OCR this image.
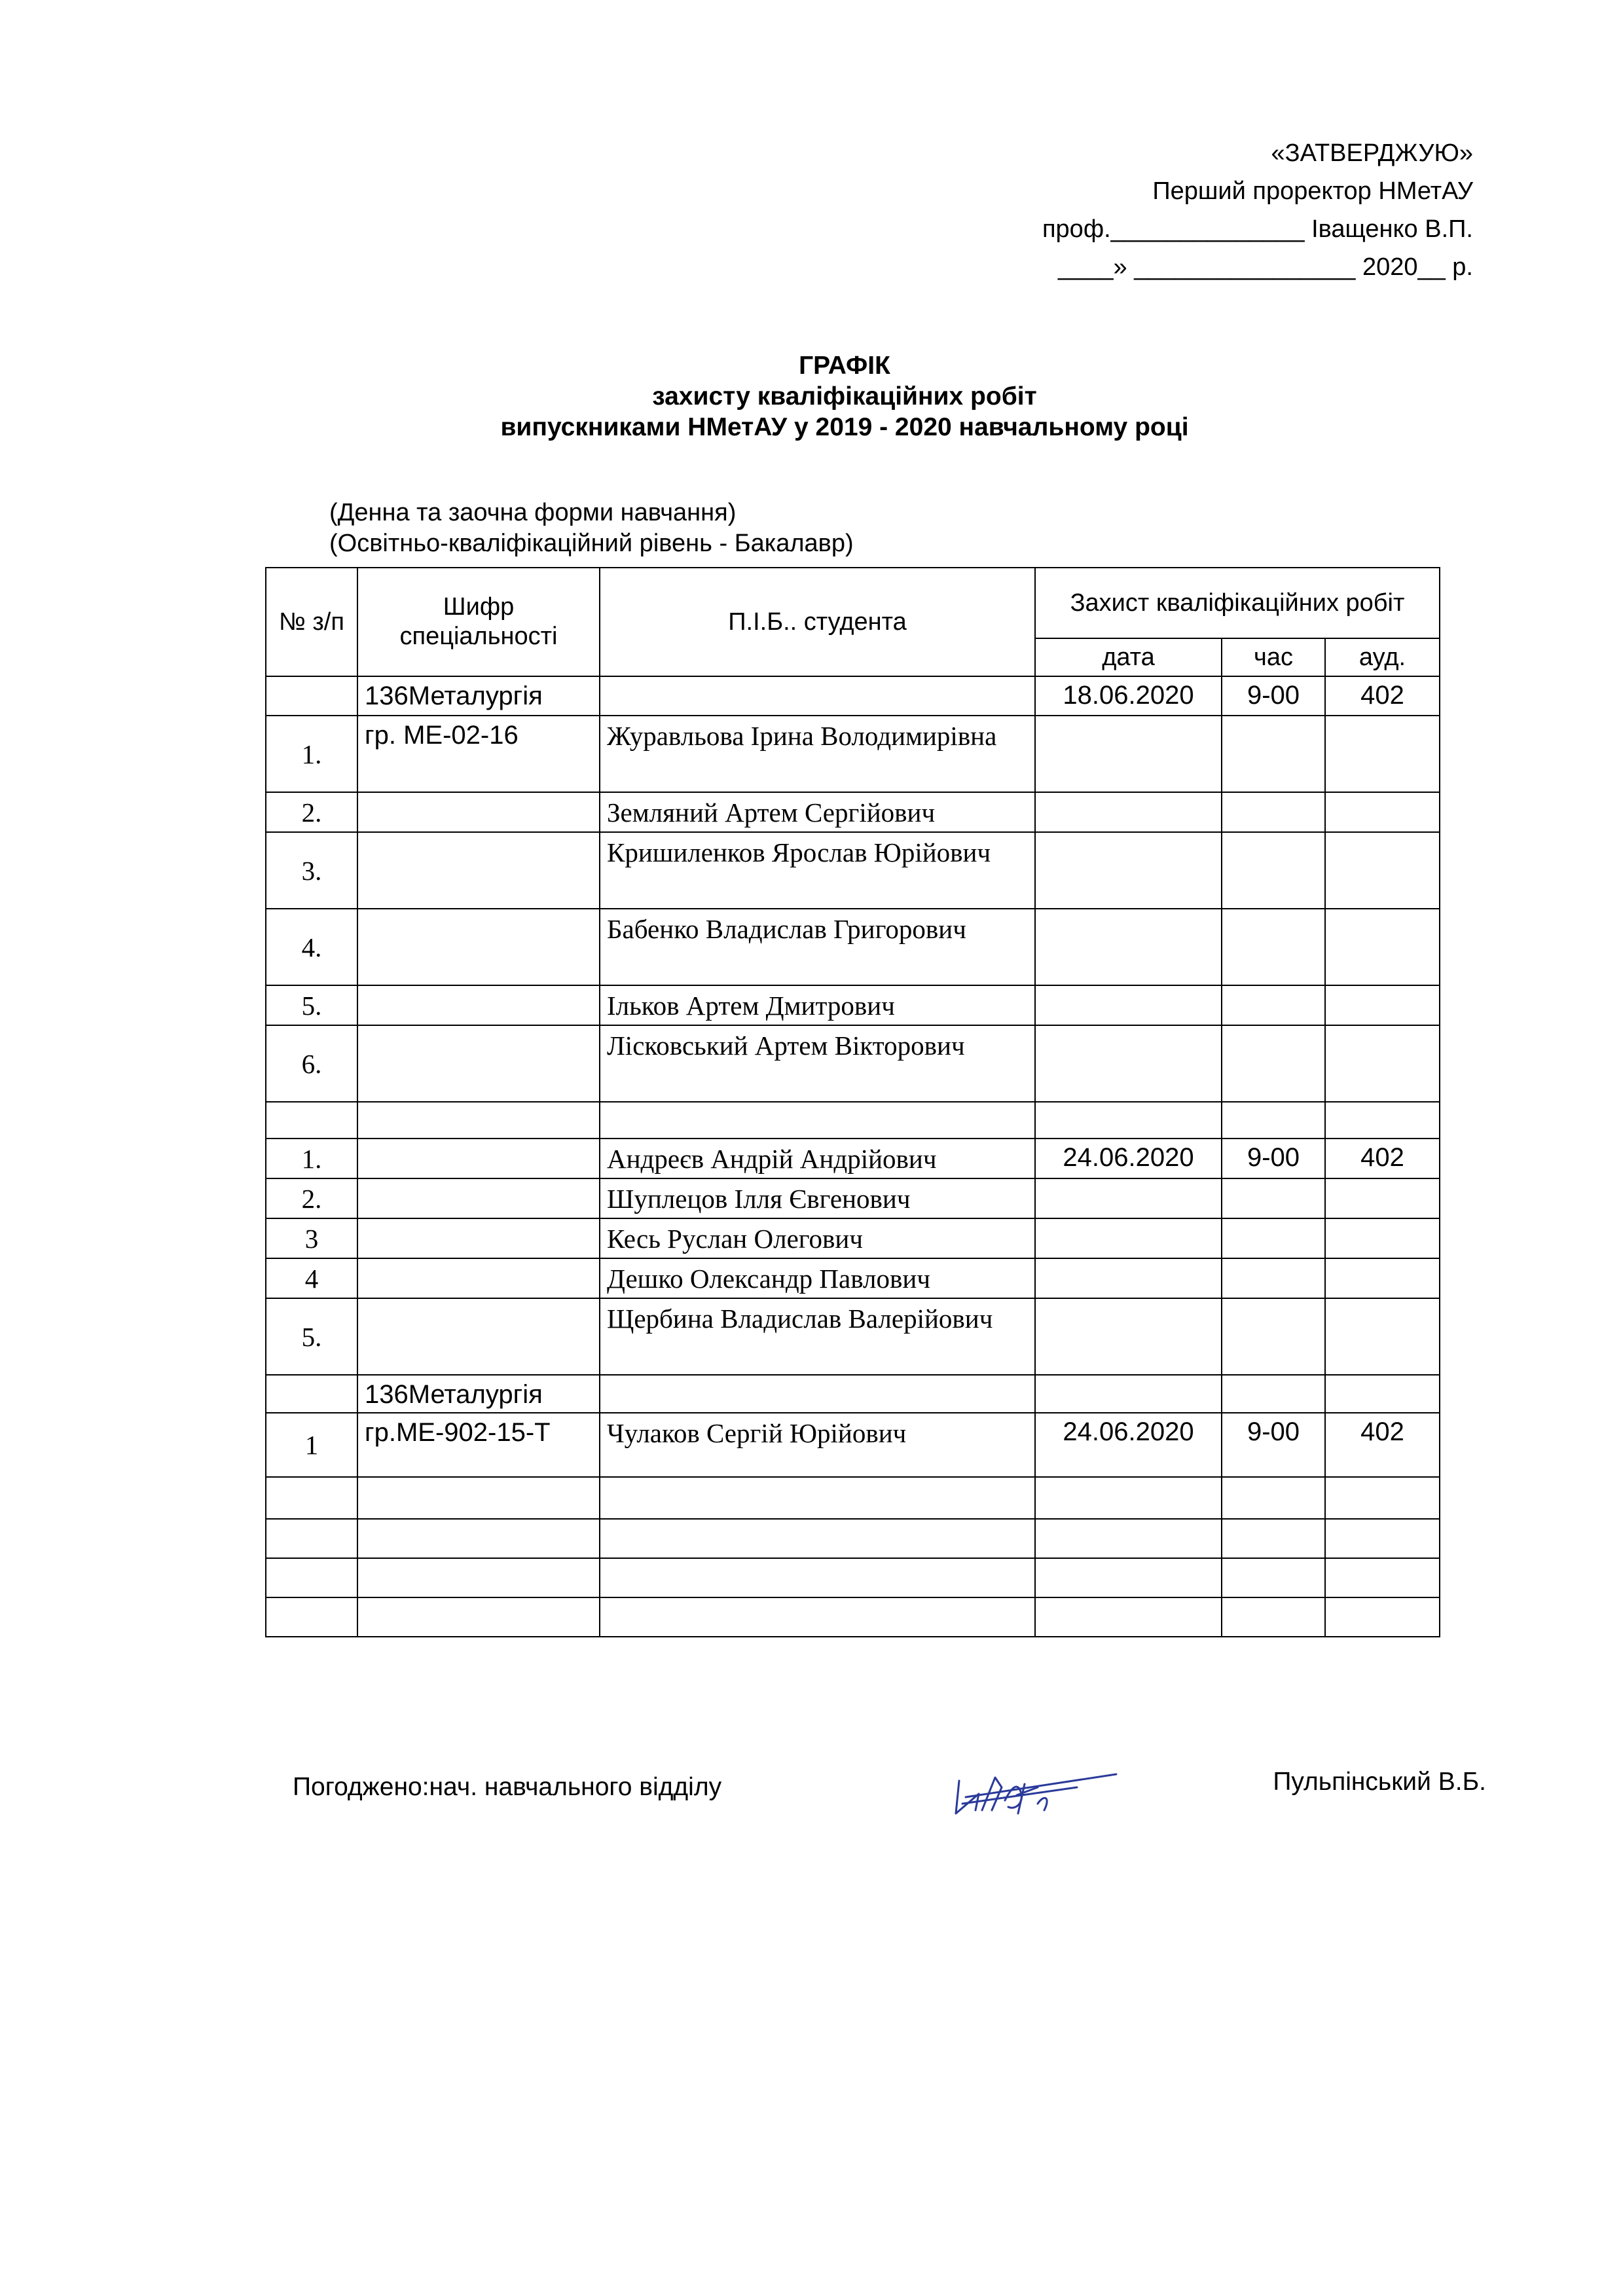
«ЗАТВЕРДЖУЮ»
Перший проректор НМетАУ
проф.______________ Іващенко В.П.
____» ________________ 2020__ р.
ГРАФІК
захисту кваліфікаційних робіт
випускниками НМетАУ у 2019 - 2020 навчальному році
(Денна та заочна форми навчання)
(Освітньо-кваліфікаційний рівень - Бакалавр)
№ з/п	Шифр спеціальності	П.І.Б.. студента	Захист кваліфікаційних робіт		
			дата	час	ауд.
	136Металургія		18.06.2020	9-00	402
1.	гр. МЕ-02-16	Журавльова Ірина Володимирівна			
2.		Земляний Артем Сергійович			
3.		Кришиленков Ярослав Юрійович			
4.		Бабенко Владислав Григорович			
5.		Ільков Артем Дмитрович			
6.		Лісковський Артем Вікторович			

1.		Андреєв Андрій Андрійович	24.06.2020	9-00	402
2.		Шуплецов Ілля Євгенович			
3		Кесь Руслан Олегович			
4		Дешко Олександр Павлович			
5.		Щербина Владислав Валерійович			
	136Металургія				
1	гр.МЕ-902-15-Т	Чулаков Сергій Юрійович	24.06.2020	9-00	402

Погоджено:нач. навчального відділу	Пульпінський В.Б.
